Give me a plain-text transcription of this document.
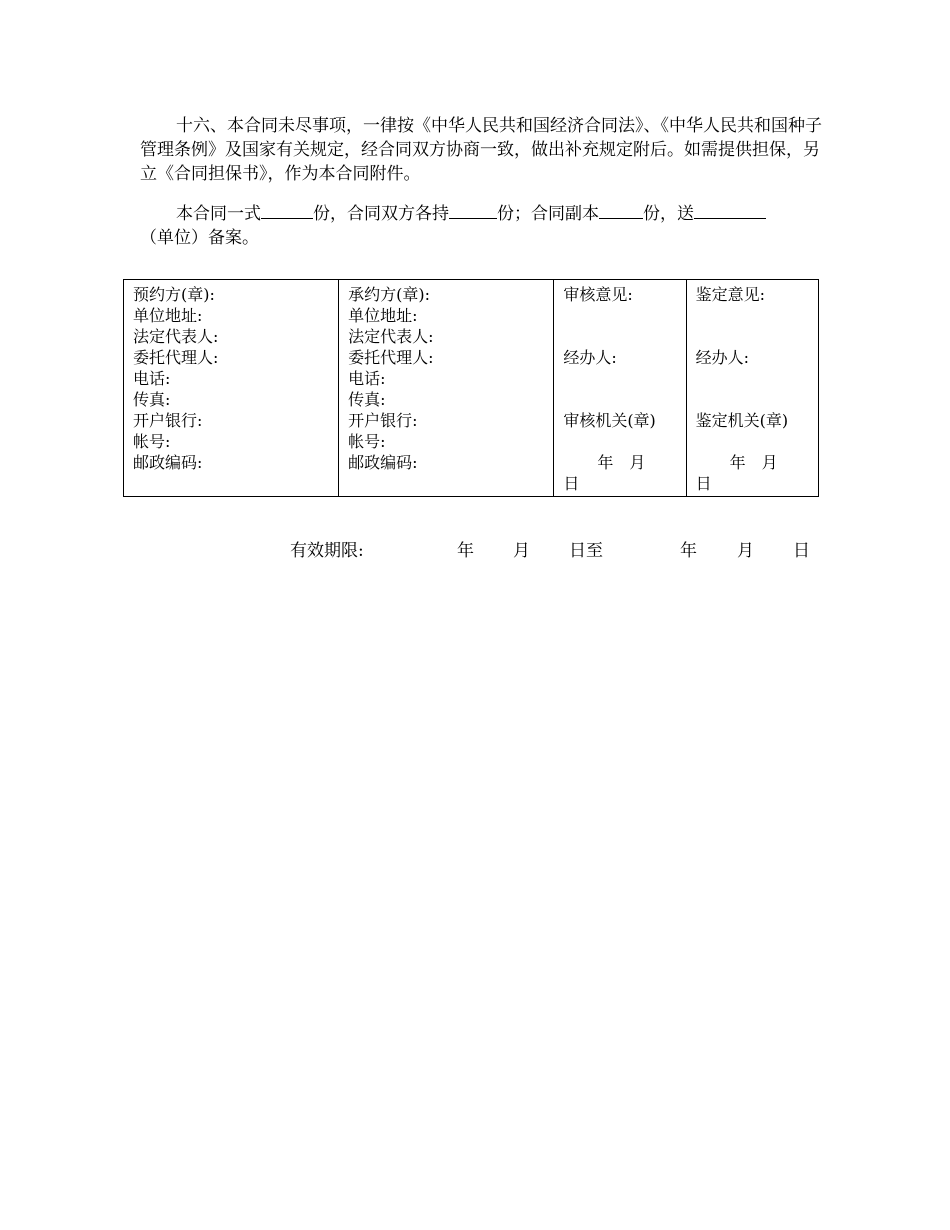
十六、本合同未尽事项，一律按《中华人民共和国经济合同法》、《中华人民共和国种子管理条例》及国家有关规定，经合同双方协商一致，做出补充规定附后。如需提供担保，另立《合同担保书》，作为本合同附件。
本合同一式	份，合同双方各持	份；合同副本	份，送
（单位）备案。
预约方(章):
单位地址:
法定代表人:
委托代理人:
电话:
传真:
开户银行:
帐号:
邮政编码:

承约方(章):
单位地址:
法定代表人:
委托代理人:
电话:
传真:
开户银行:
帐号:
邮政编码:

审核意见:
经办人:
审核机关(章)
年　月
日

鉴定意见:
经办人:
鉴定机关(章)
年　月
日
有效期限:	年 月 日至	年 月 日
